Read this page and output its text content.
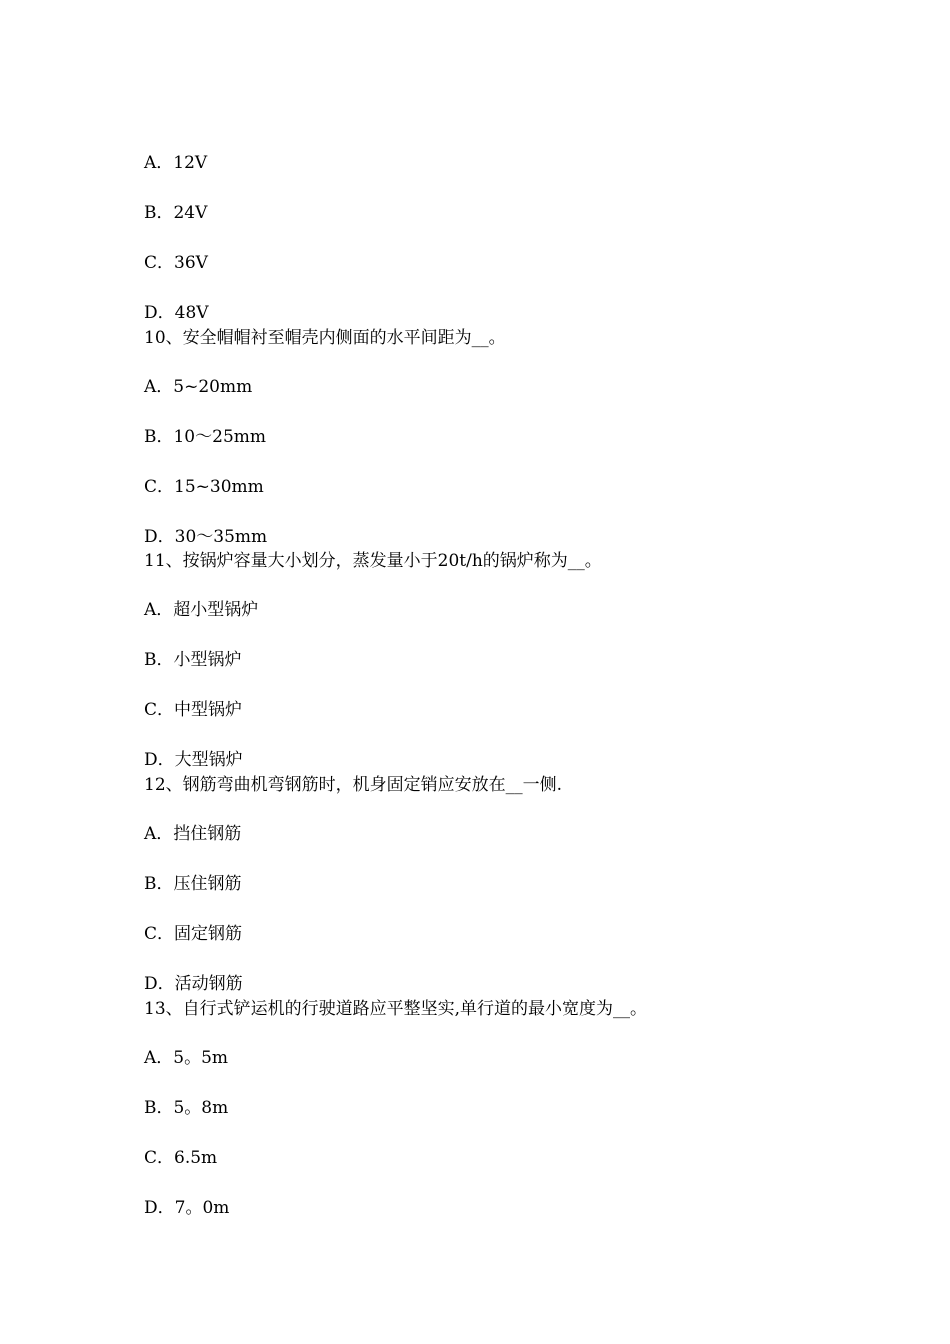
A．12V
B．24V
C．36V
D．48V
10、安全帽帽衬至帽壳内侧面的水平间距为__。
A．5~20mm
B．10～25mm
C．15~30mm
D．30～35mm
11、按锅炉容量大小划分，蒸发量小于20t/h的锅炉称为__。
A．超小型锅炉
B．小型锅炉
C．中型锅炉
D．大型锅炉
12、钢筋弯曲机弯钢筋时，机身固定销应安放在__一侧.
A．挡住钢筋
B．压住钢筋
C．固定钢筋
D．活动钢筋
13、自行式铲运机的行驶道路应平整坚实,单行道的最小宽度为__。
A．5。5m
B．5。8m
C．6.5m
D．7。0m
